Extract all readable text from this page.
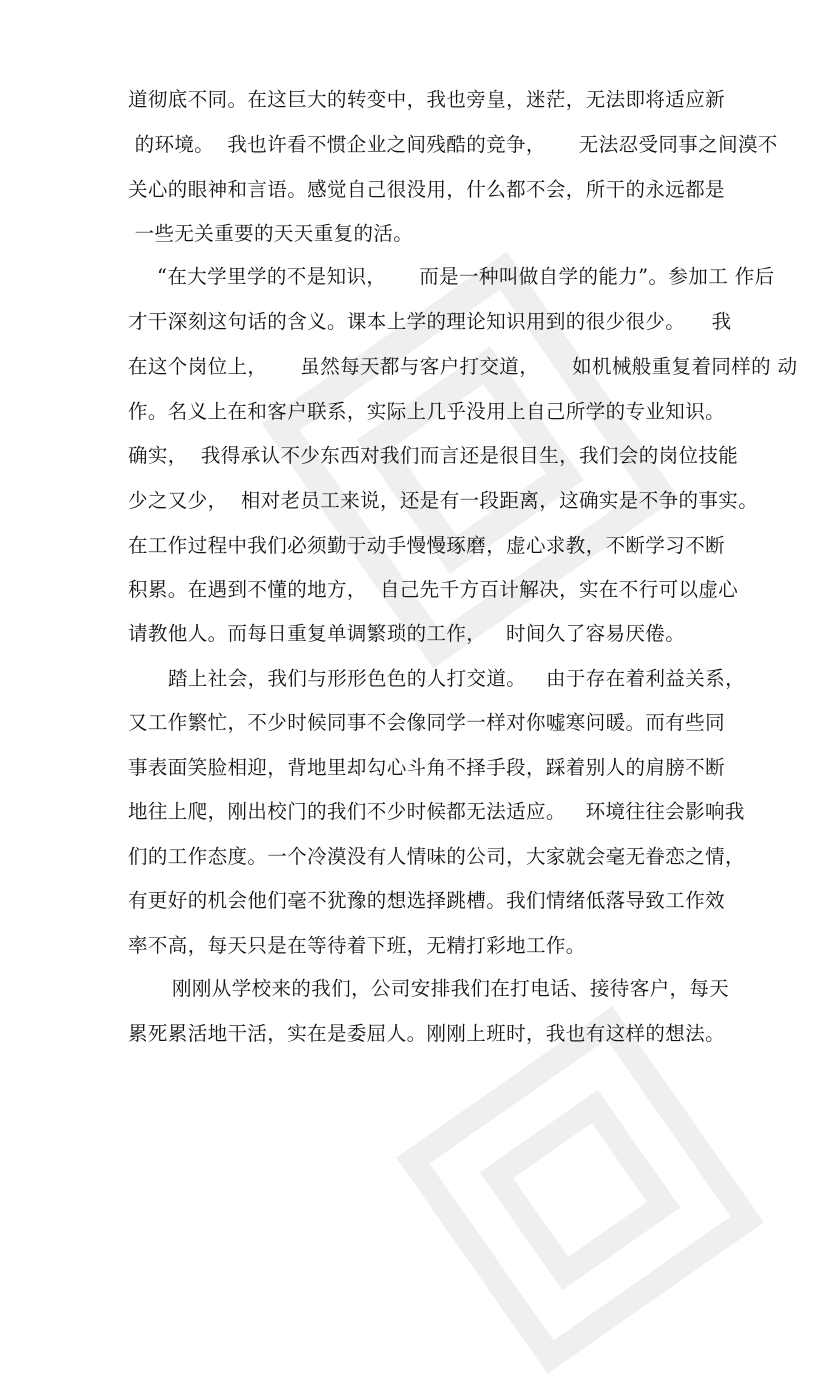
道彻底不同。在这巨大的转变中，我也旁皇，迷茫，无法即将适应新
的环境。  我也许看不惯企业之间残酷的竞争，     无法忍受同事之间漠不
关心的眼神和言语。感觉自己很没用，什么都不会，所干的永远都是
一些无关重要的天天重复的活。
“在大学里学的不是知识，     而是一种叫做自学的能力”。参加工 作后
才干深刻这句话的含义。课本上学的理论知识用到的很少很少。    我
在这个岗位上，     虽然每天都与客户打交道，     如机械般重复着同样的 动
作。名义上在和客户联系，实际上几乎没用上自己所学的专业知识。
确实，  我得承认不少东西对我们而言还是很目生，我们会的岗位技能
少之又少，  相对老员工来说，还是有一段距离，这确实是不争的事实。
在工作过程中我们必须勤于动手慢慢琢磨，虚心求教，不断学习不断
积累。在遇到不懂的地方，  自己先千方百计解决，实在不行可以虚心
请教他人。而每日重复单调繁琐的工作，   时间久了容易厌倦。
踏上社会，我们与形形色色的人打交道。   由于存在着利益关系，
又工作繁忙，不少时候同事不会像同学一样对你嘘寒问暖。而有些同
事表面笑脸相迎，背地里却勾心斗角不择手段，踩着别人的肩膀不断
地往上爬，刚出校门的我们不少时候都无法适应。   环境往往会影响我
们的工作态度。一个冷漠没有人情味的公司，大家就会毫无眷恋之情，
有更好的机会他们毫不犹豫的想选择跳槽。我们情绪低落导致工作效
率不高，每天只是在等待着下班，无精打彩地工作。
刚刚从学校来的我们，公司安排我们在打电话、接待客户，每天
累死累活地干活，实在是委屈人。刚刚上班时，我也有这样的想法。
